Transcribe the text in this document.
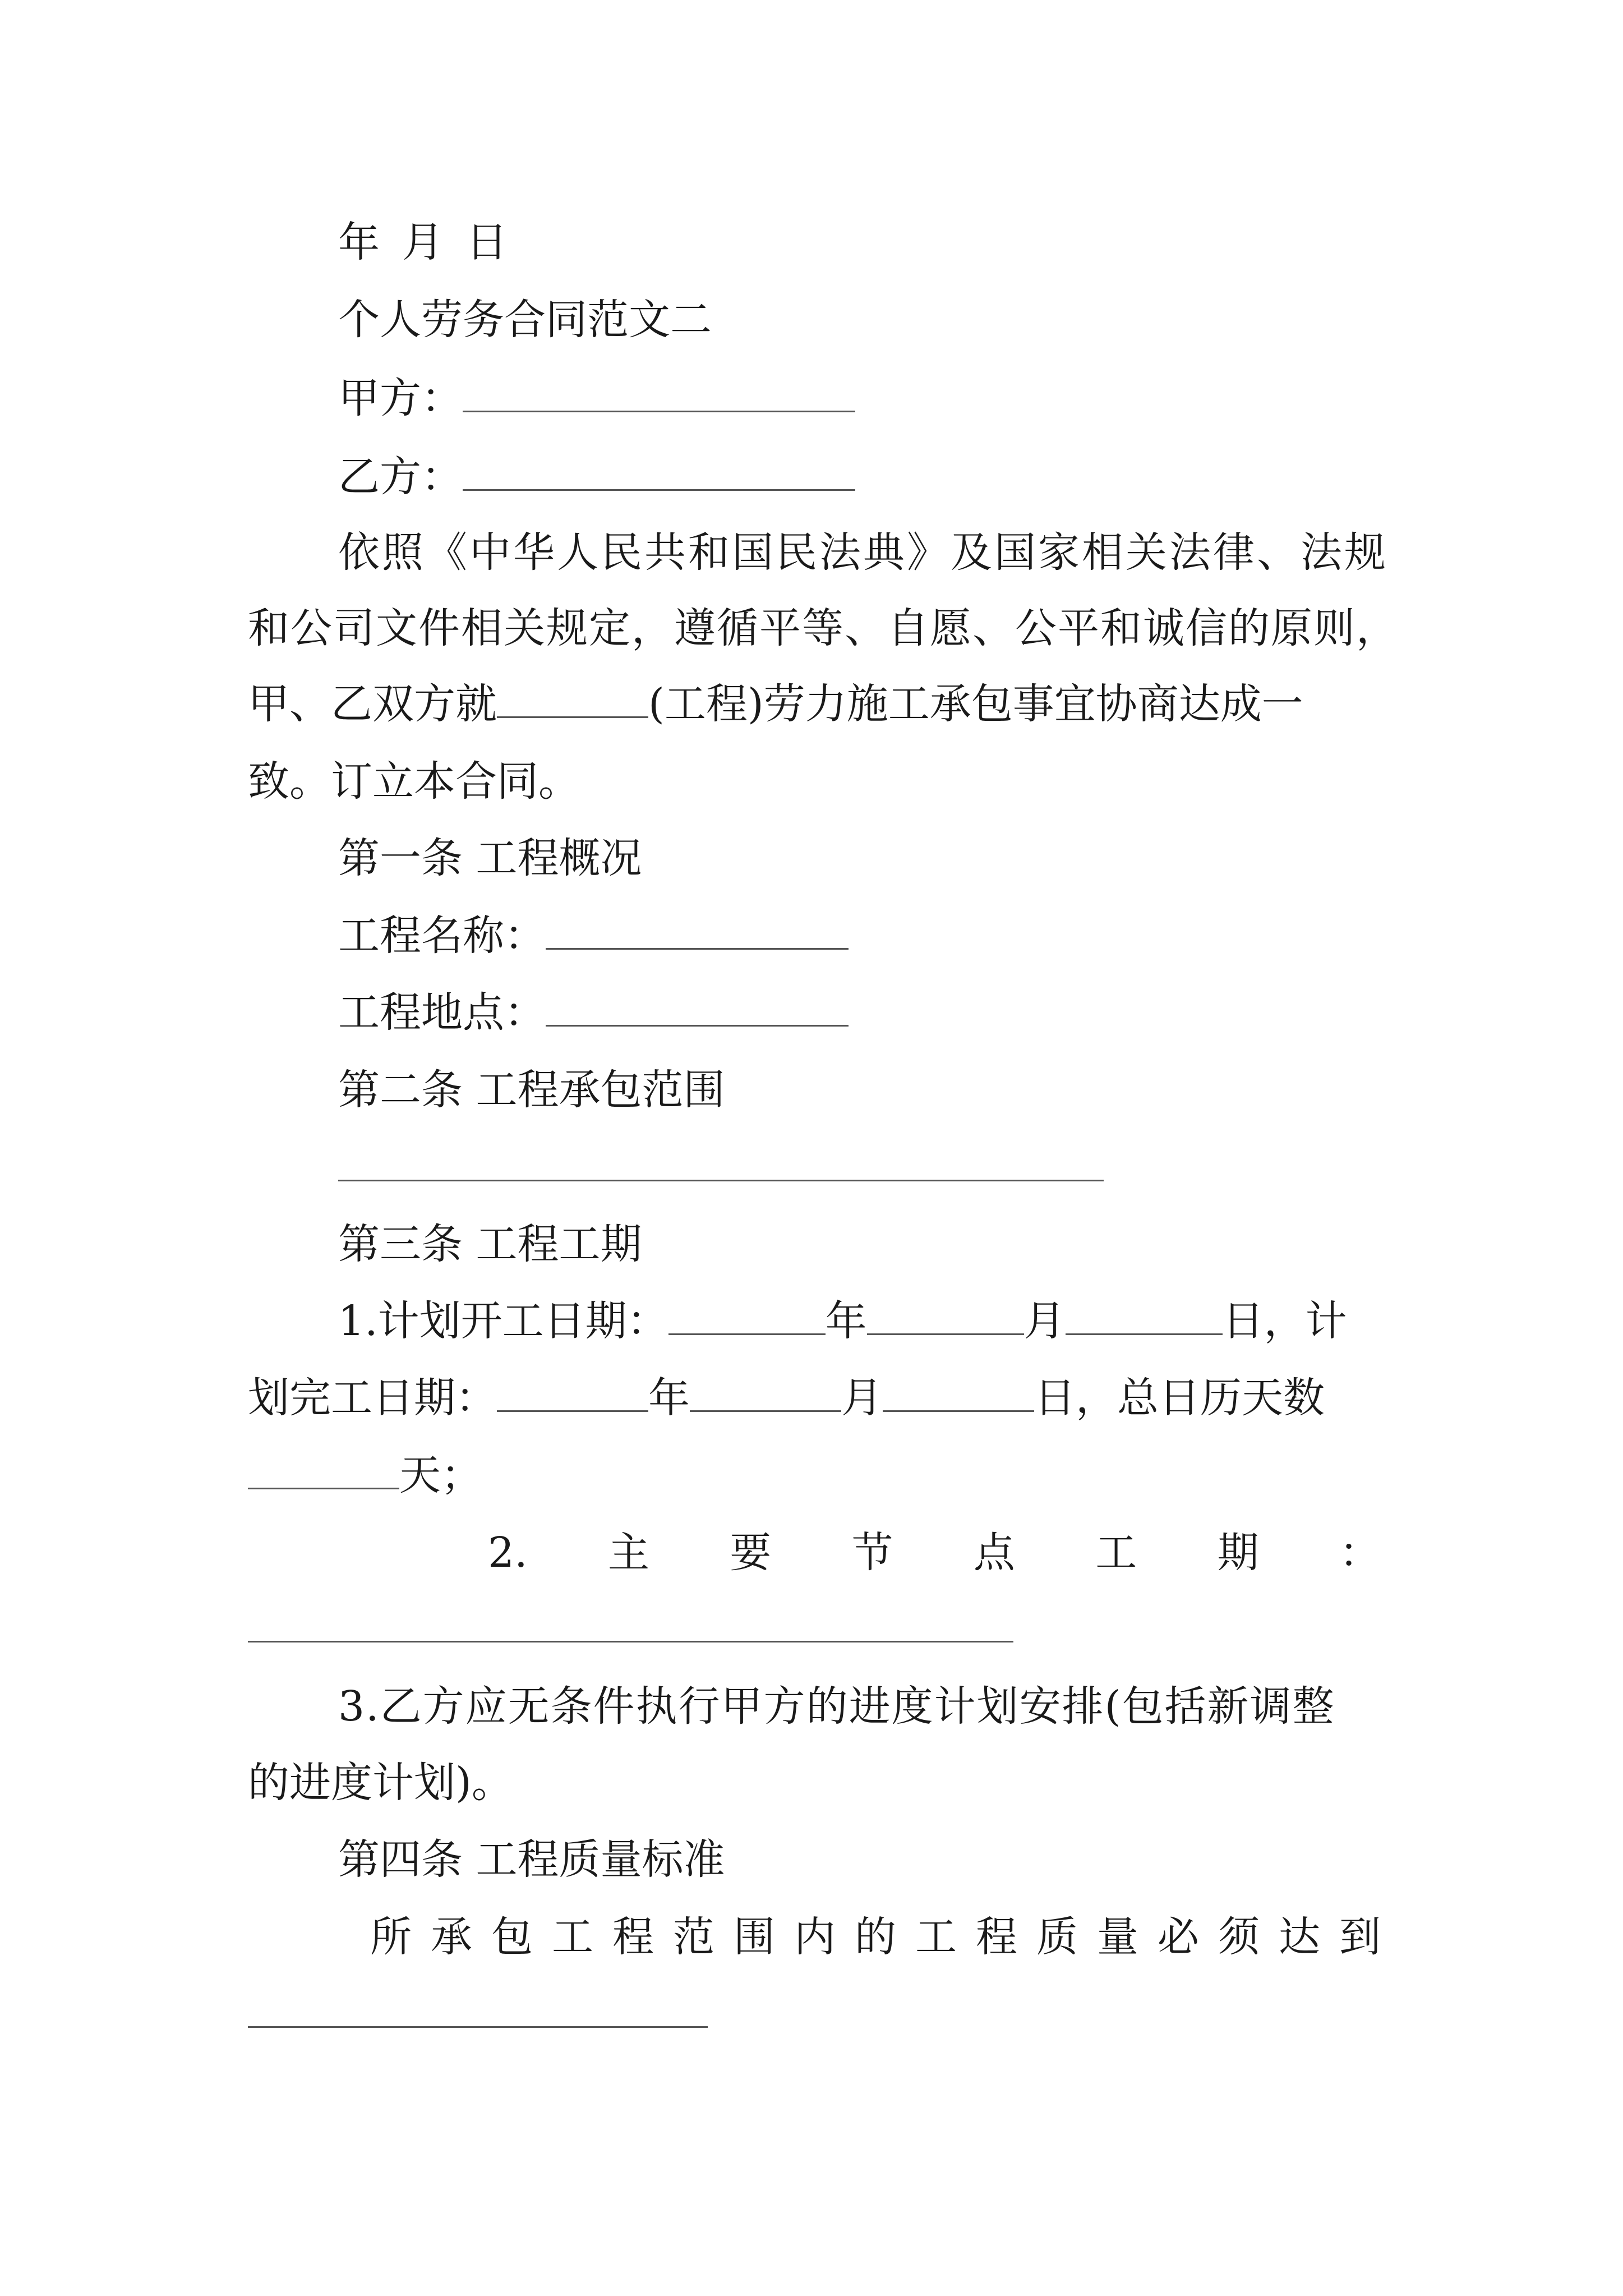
年 月 日
个人劳务合同范文二
甲方：
乙方：
依照《中华人民共和国民法典》及国家相关法律、法规
和公司文件相关规定，遵循平等、自愿、公平和诚信的原则，
甲、乙双方就	(工程)劳力施工承包事宜协商达成一
致。订立本合同。
第一条 工程概况
工程名称：
工程地点：
第二条 工程承包范围
第三条 工程工期
1.计划开工日期：	年	月	日，计
划完工日期：	年	月	日，总日历天数
天；
2. 主 要 节 点 工 期 ：
3.乙方应无条件执行甲方的进度计划安排(包括新调整
的进度计划)。
第四条 工程质量标准
所 承 包 工 程 范 围 内 的 工 程 质 量 必 须 达 到
